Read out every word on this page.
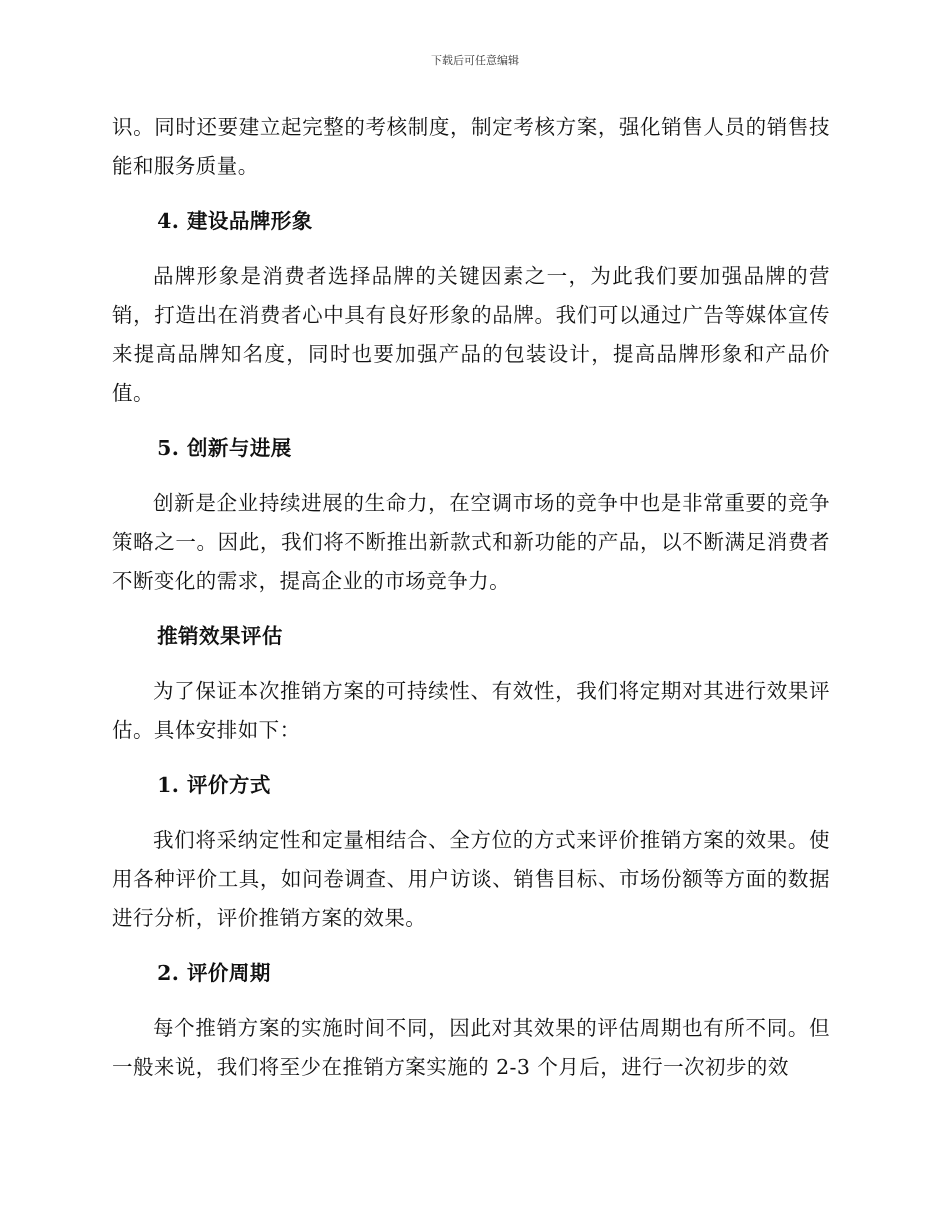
下载后可任意编辑

识。同时还要建立起完整的考核制度，制定考核方案，强化销售人员的销售技能和服务质量。

4. 建设品牌形象

品牌形象是消费者选择品牌的关键因素之一，为此我们要加强品牌的营销，打造出在消费者心中具有良好形象的品牌。我们可以通过广告等媒体宣传来提高品牌知名度，同时也要加强产品的包装设计，提高品牌形象和产品价值。

5. 创新与进展

创新是企业持续进展的生命力，在空调市场的竞争中也是非常重要的竞争策略之一。因此，我们将不断推出新款式和新功能的产品，以不断满足消费者不断变化的需求，提高企业的市场竞争力。

推销效果评估

为了保证本次推销方案的可持续性、有效性，我们将定期对其进行效果评估。具体安排如下：

1. 评价方式

我们将采纳定性和定量相结合、全方位的方式来评价推销方案的效果。使用各种评价工具，如问卷调查、用户访谈、销售目标、市场份额等方面的数据进行分析，评价推销方案的效果。

2. 评价周期

每个推销方案的实施时间不同，因此对其效果的评估周期也有所不同。但一般来说，我们将至少在推销方案实施的 2-3 个月后，进行一次初步的效
